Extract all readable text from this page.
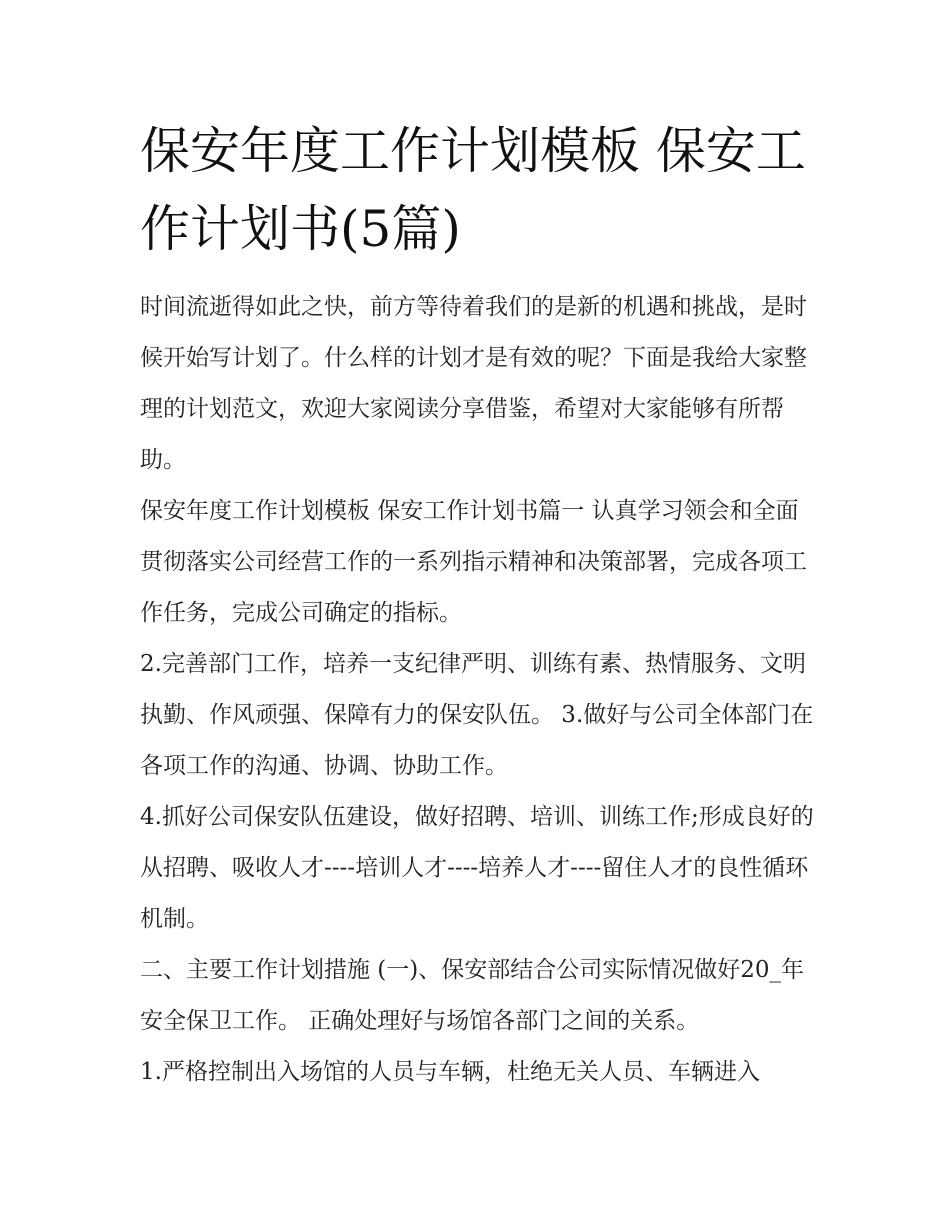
保安年度工作计划模板 保安工作计划书(5篇)

时间流逝得如此之快，前方等待着我们的是新的机遇和挑战，是时候开始写计划了。什么样的计划才是有效的呢？下面是我给大家整理的计划范文，欢迎大家阅读分享借鉴，希望对大家能够有所帮助。

保安年度工作计划模板 保安工作计划书篇一 认真学习领会和全面贯彻落实公司经营工作的一系列指示精神和决策部署，完成各项工作任务，完成公司确定的指标。

2.完善部门工作，培养一支纪律严明、训练有素、热情服务、文明执勤、作风顽强、保障有力的保安队伍。 3.做好与公司全体部门在各项工作的沟通、协调、协助工作。

4.抓好公司保安队伍建设，做好招聘、培训、训练工作;形成良好的从招聘、吸收人才----培训人才----培养人才----留住人才的良性循环机制。

二、主要工作计划措施 (一)、保安部结合公司实际情况做好20_年安全保卫工作。 正确处理好与场馆各部门之间的关系。

1.严格控制出入场馆的人员与车辆，杜绝无关人员、车辆进入
